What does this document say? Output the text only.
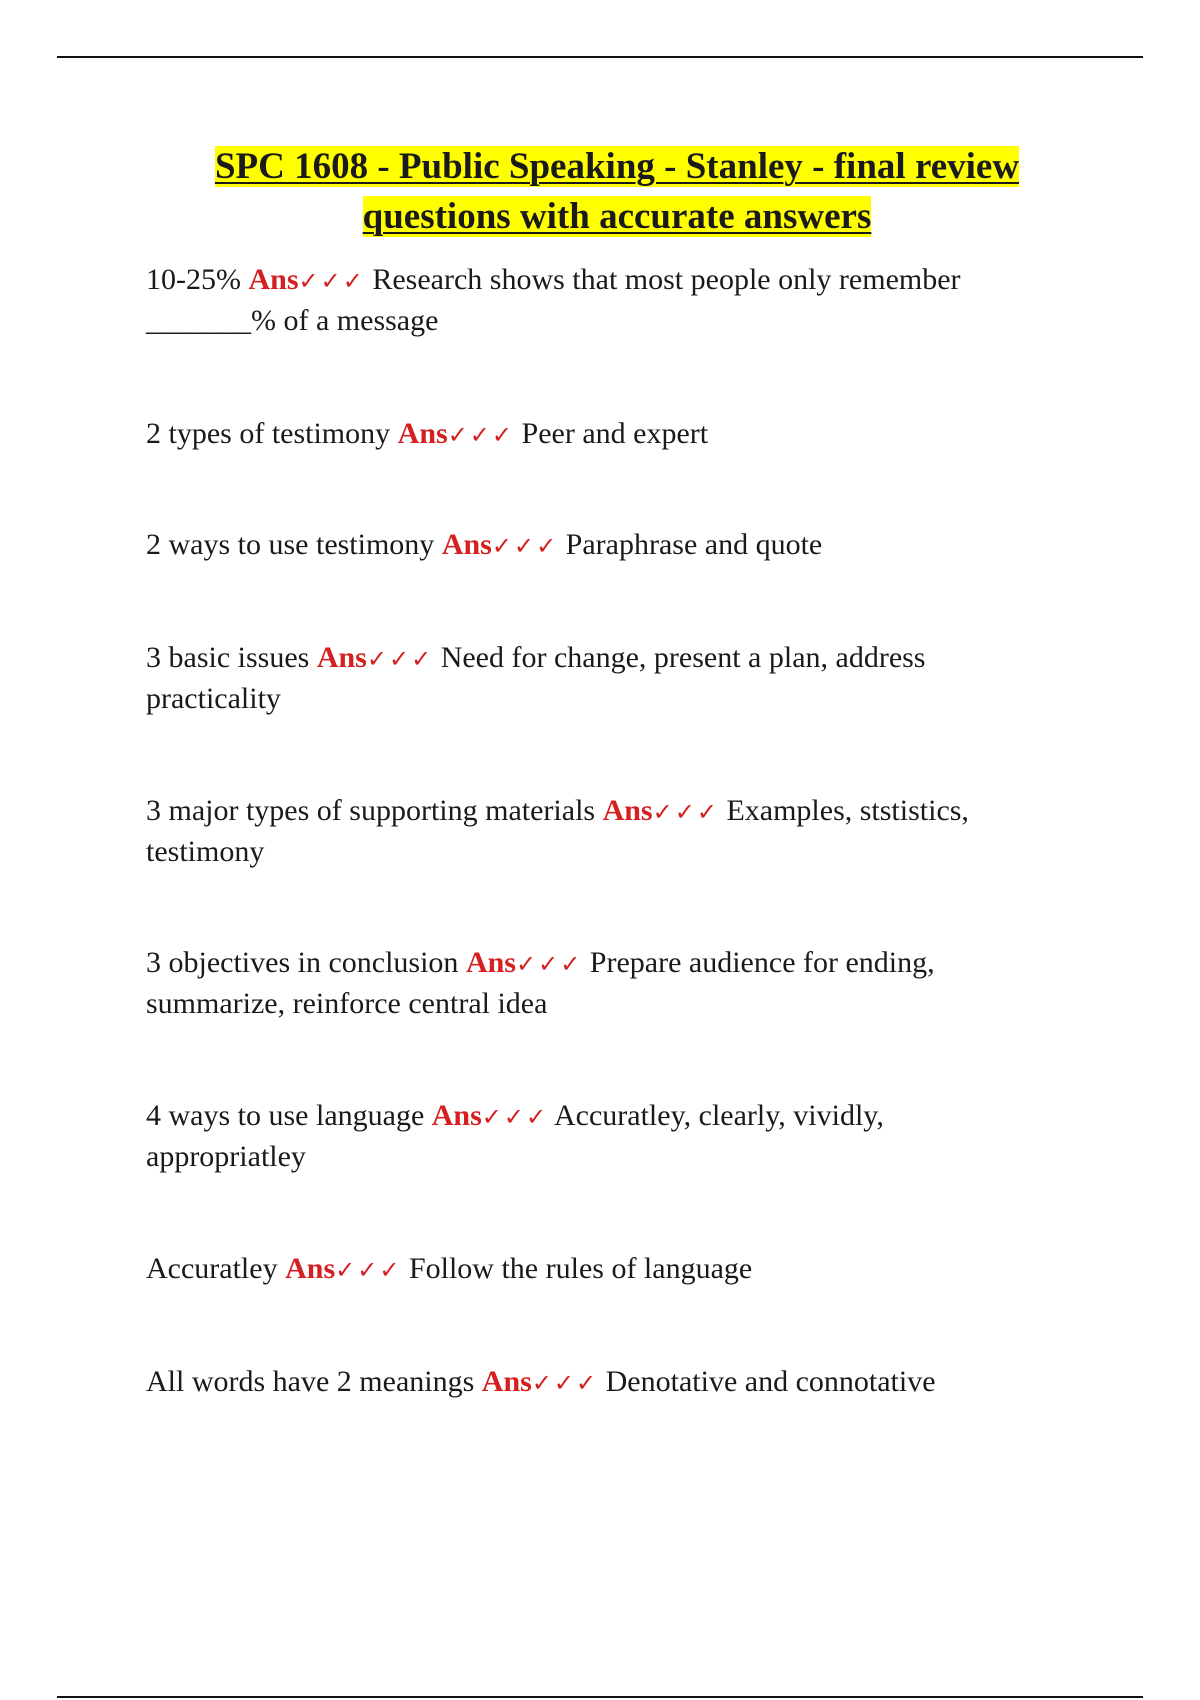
SPC 1608 - Public Speaking - Stanley - final review
questions with accurate answers
10-25% Ans✓✓✓ Research shows that most people only remember _______% of a message
2 types of testimony Ans✓✓✓ Peer and expert
2 ways to use testimony Ans✓✓✓ Paraphrase and quote
3 basic issues Ans✓✓✓ Need for change, present a plan, address practicality
3 major types of supporting materials Ans✓✓✓ Examples, ststistics, testimony
3 objectives in conclusion Ans✓✓✓ Prepare audience for ending, summarize, reinforce central idea
4 ways to use language Ans✓✓✓ Accuratley, clearly, vividly, appropriatley
Accuratley Ans✓✓✓ Follow the rules of language
All words have 2 meanings Ans✓✓✓ Denotative and connotative
